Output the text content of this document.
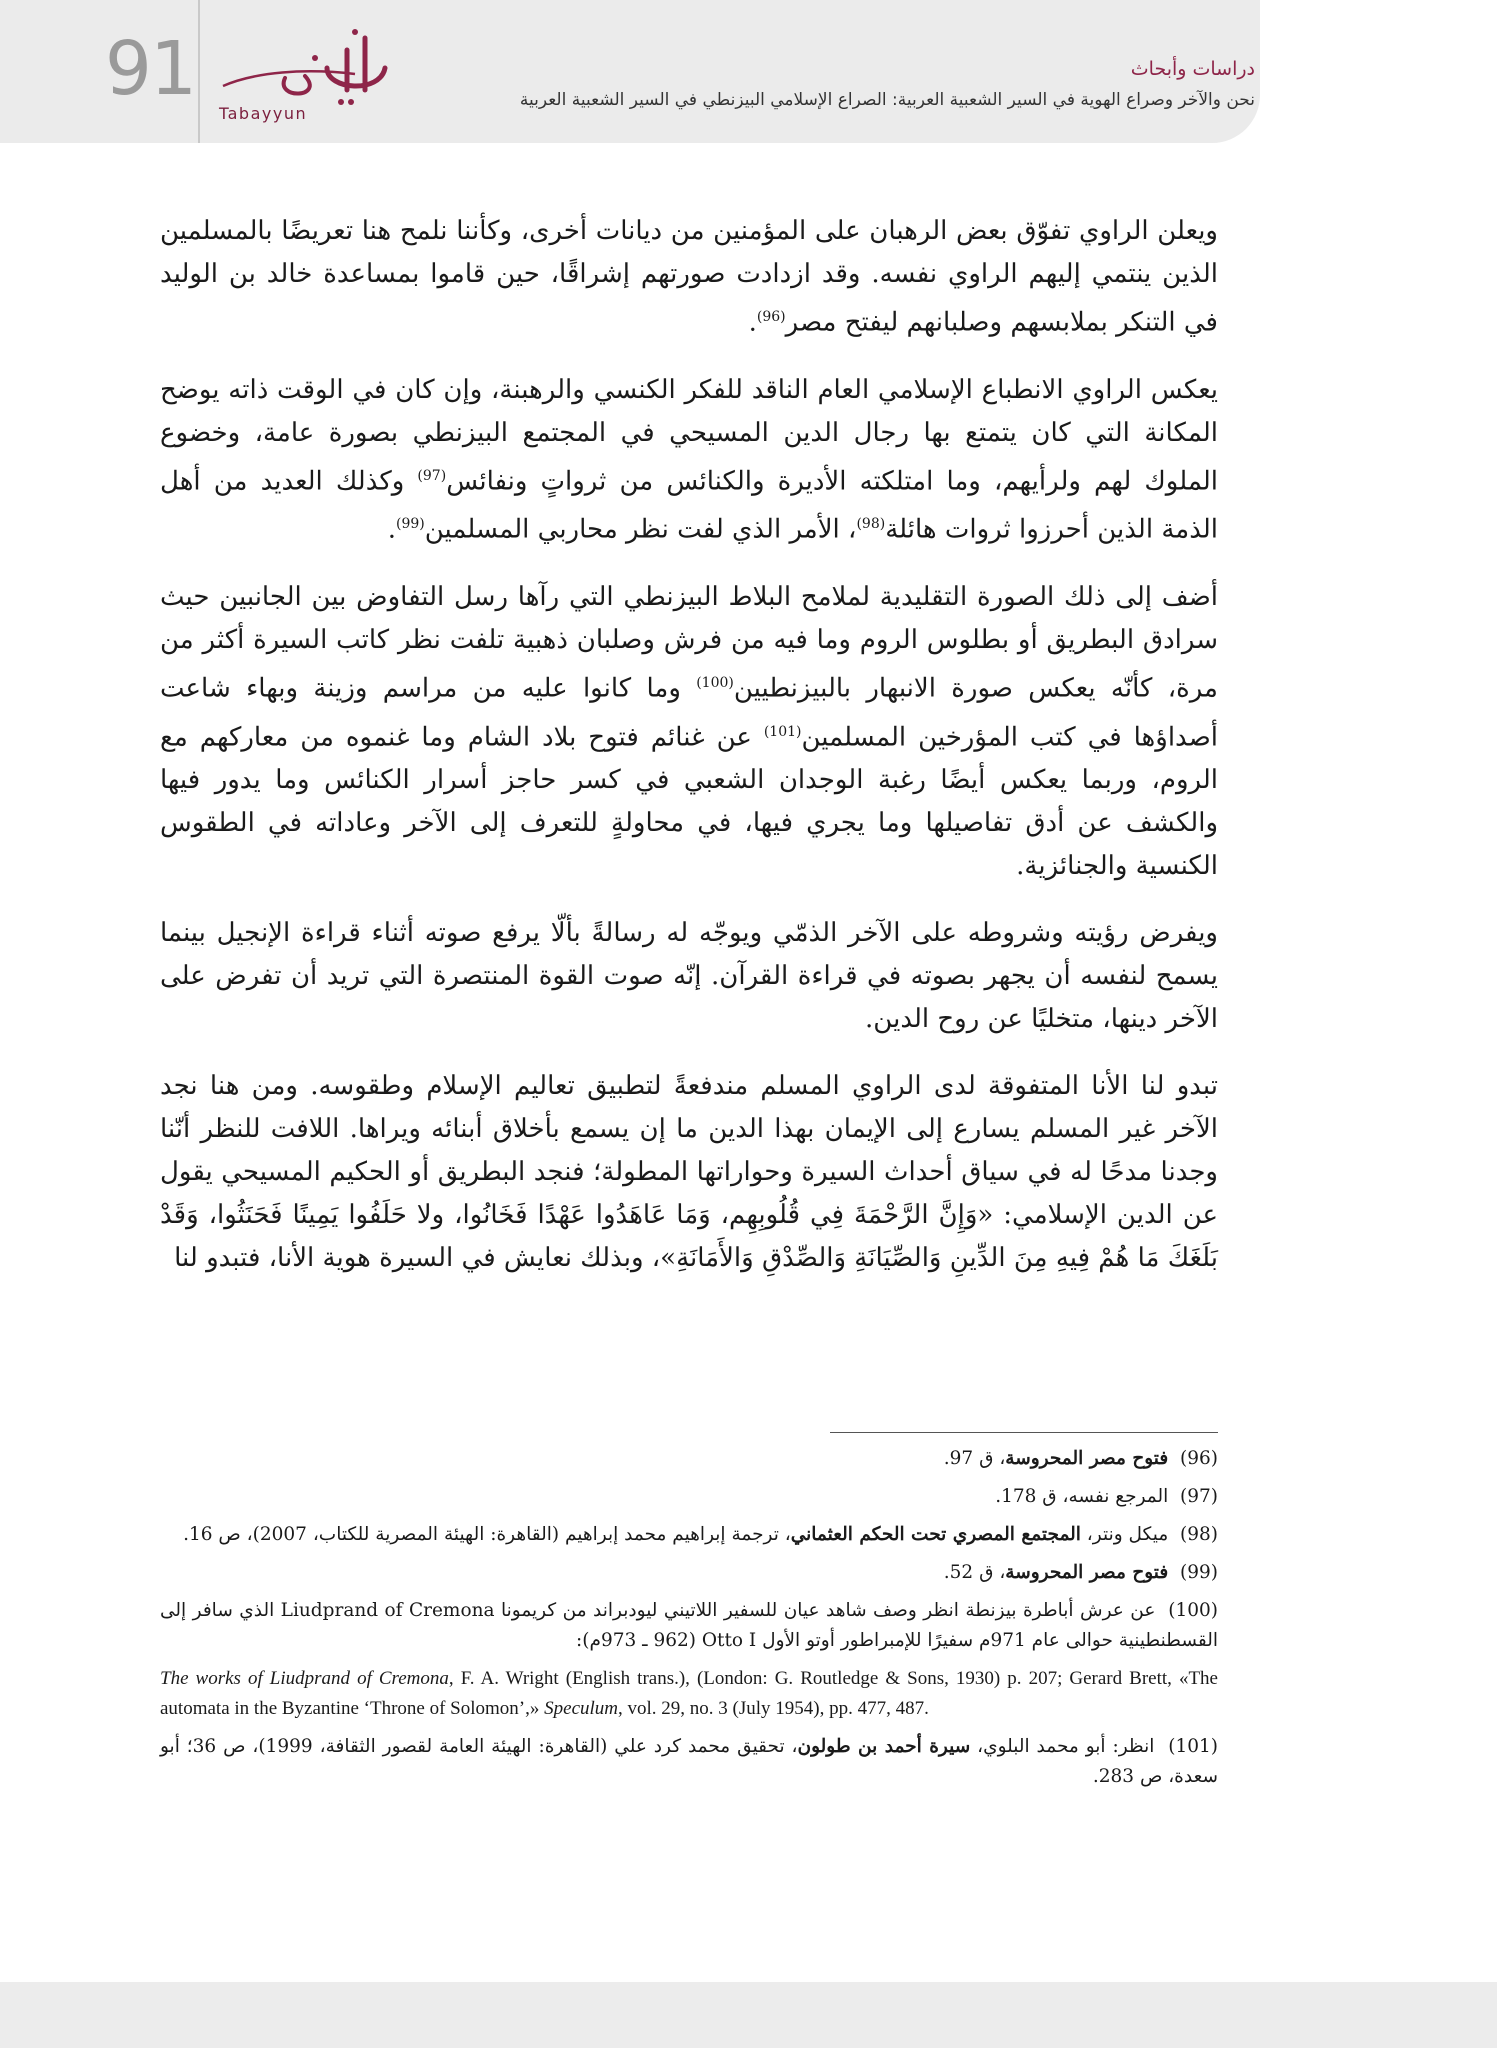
91
Tabayyun
دراسات وأبحاث
نحن والآخر وصراع الهوية في السير الشعبية العربية: الصراع الإسلامي البيزنطي في السير الشعبية العربية

ويعلن الراوي تفوّق بعض الرهبان على المؤمنين من ديانات أخرى، وكأننا نلمح هنا تعريضًا بالمسلمين الذين ينتمي إليهم الراوي نفسه. وقد ازدادت صورتهم إشراقًا، حين قاموا بمساعدة خالد بن الوليد في التنكر بملابسهم وصلبانهم ليفتح مصر$^{(96)}$.

يعكس الراوي الانطباع الإسلامي العام الناقد للفكر الكنسي والرهبنة، وإن كان في الوقت ذاته يوضح المكانة التي كان يتمتع بها رجال الدين المسيحي في المجتمع البيزنطي بصورة عامة، وخضوع الملوك لهم ولرأيهم، وما امتلكته الأديرة والكنائس من ثرواتٍ ونفائس$^{(97)}$ وكذلك العديد من أهل الذمة الذين أحرزوا ثروات هائلة$^{(98)}$، الأمر الذي لفت نظر محاربي المسلمين$^{(99)}$.

أضف إلى ذلك الصورة التقليدية لملامح البلاط البيزنطي التي رآها رسل التفاوض بين الجانبين حيث سرادق البطريق أو بطلوس الروم وما فيه من فرش وصلبان ذهبية تلفت نظر كاتب السيرة أكثر من مرة، كأنّه يعكس صورة الانبهار بالبيزنطيين$^{(100)}$ وما كانوا عليه من مراسم وزينة وبهاء شاعت أصداؤها في كتب المؤرخين المسلمين$^{(101)}$ عن غنائم فتوح بلاد الشام وما غنموه من معاركهم مع الروم، وربما يعكس أيضًا رغبة الوجدان الشعبي في كسر حاجز أسرار الكنائس وما يدور فيها والكشف عن أدق تفاصيلها وما يجري فيها، في محاولةٍ للتعرف إلى الآخر وعاداته في الطقوس الكنسية والجنائزية.

ويفرض رؤيته وشروطه على الآخر الذمّي ويوجّه له رسالةً بألّا يرفع صوته أثناء قراءة الإنجيل بينما يسمح لنفسه أن يجهر بصوته في قراءة القرآن. إنّه صوت القوة المنتصرة التي تريد أن تفرض على الآخر دينها، متخليًا عن روح الدين.

تبدو لنا الأنا المتفوقة لدى الراوي المسلم مندفعةً لتطبيق تعاليم الإسلام وطقوسه. ومن هنا نجد الآخر غير المسلم يسارع إلى الإيمان بهذا الدين ما إن يسمع بأخلاق أبنائه ويراها. اللافت للنظر أنّنا وجدنا مدحًا له في سياق أحداث السيرة وحواراتها المطولة؛ فنجد البطريق أو الحكيم المسيحي يقول عن الدين الإسلامي: «وَإِنَّ الرَّحْمَةَ فِي قُلُوبِهِم، وَمَا عَاهَدُوا عَهْدًا فَخَانُوا، ولا حَلَفُوا يَمِينًا فَحَنَثُوا، وَقَدْ بَلَغَكَ مَا هُمْ فِيهِ مِنَ الدِّينِ وَالصِّيَانَةِ وَالصِّدْقِ وَالأَمَانَةِ»، وبذلك نعايش في السيرة هوية الأنا، فتبدو لنا

(96)  فتوح مصر المحروسة، ق 97.

(97)  المرجع نفسه، ق 178.

(98)  ميكل ونتر، المجتمع المصري تحت الحكم العثماني، ترجمة إبراهيم محمد إبراهيم (القاهرة: الهيئة المصرية للكتاب، 2007)، ص 16.

(99)  فتوح مصر المحروسة، ق 52.

(100)  عن عرش أباطرة بيزنطة انظر وصف شاهد عيان للسفير اللاتيني ليودبراند من كريمونا Liudprand of Cremona الذي سافر إلى القسطنطينية حوالى عام 971م سفيرًا للإمبراطور أوتو الأول Otto I (962 ـ 973م):

The works of Liudprand of Cremona, F. A. Wright (English trans.), (London: G. Routledge & Sons, 1930) p. 207; Gerard Brett, «The automata in the Byzantine ‘Throne of Solomon’,» Speculum, vol. 29, no. 3 (July 1954), pp. 477, 487.

(101)  انظر: أبو محمد البلوي، سيرة أحمد بن طولون، تحقيق محمد كرد علي (القاهرة: الهيئة العامة لقصور الثقافة، 1999)، ص 36؛ أبو سعدة، ص 283.
